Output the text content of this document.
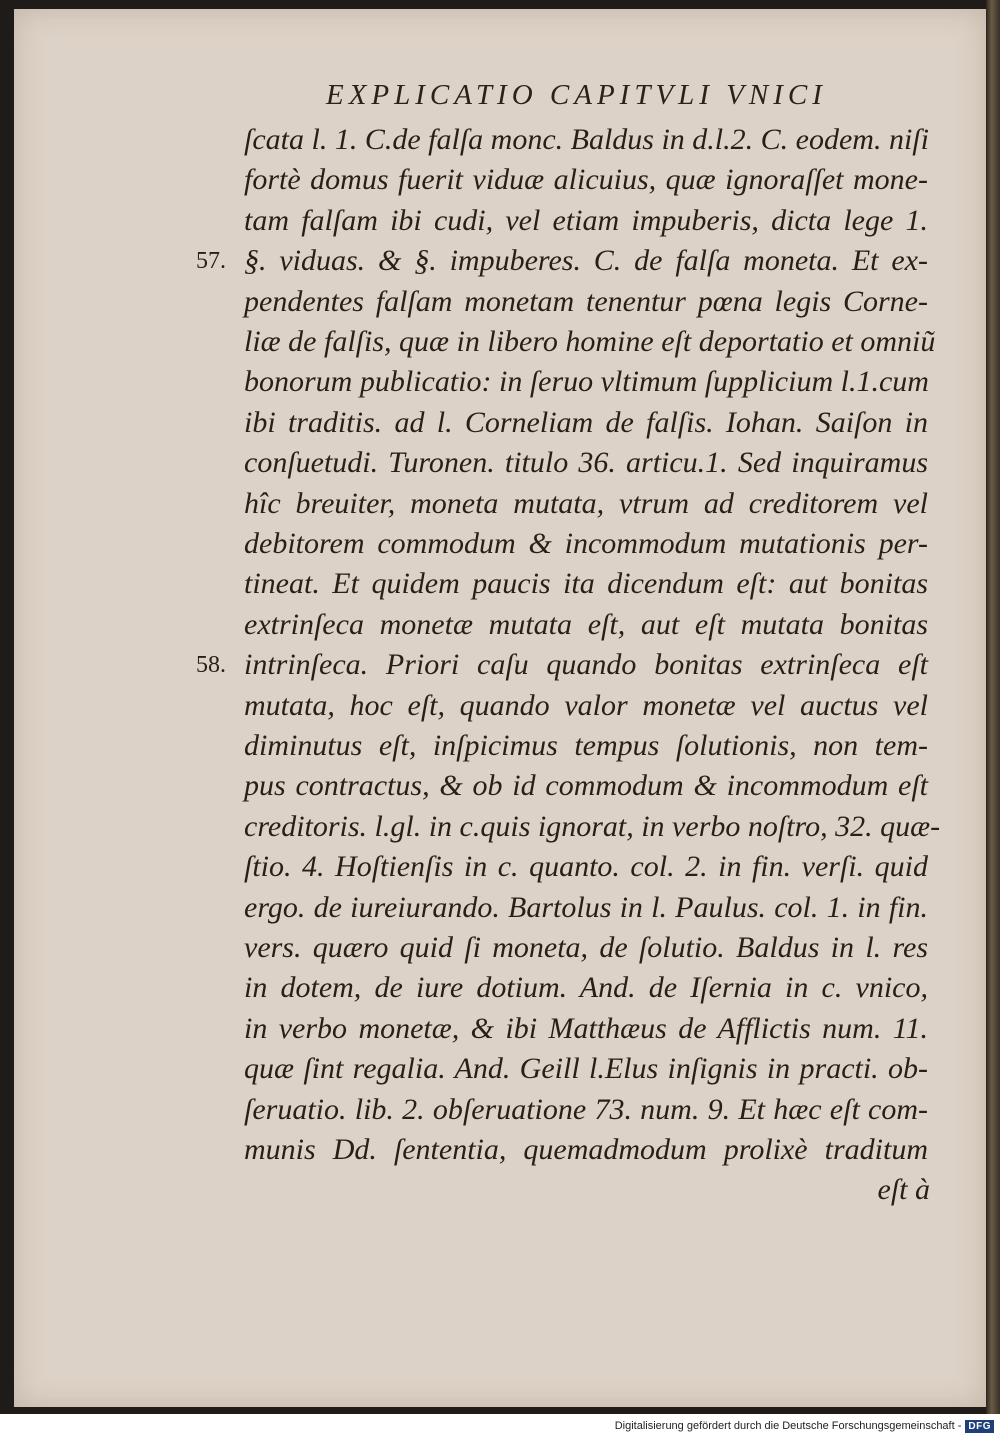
EXPLICATIO CAPITVLI VNICI
ſcata l. 1. C.de falſa monc. Baldus in d.l.2. C. eodem. niſi
fortè domus fuerit viduæ alicuius, quæ ignoraſſet mone-
tam falſam ibi cudi, vel etiam impuberis, dicta lege 1.
§. viduas. & §. impuberes. C. de falſa moneta. Et ex-
pendentes falſam monetam tenentur pœna legis Corne-
liæ de falſis, quæ in libero homine eſt deportatio et omniũ
bonorum publicatio: in ſeruo vltimum ſupplicium l.1.cum
ibi traditis. ad l. Corneliam de falſis. Iohan. Saiſon in
conſuetudi. Turonen. titulo 36. articu.1. Sed inquiramus
hîc breuiter, moneta mutata, vtrum ad creditorem vel
debitorem commodum & incommodum mutationis per-
tineat. Et quidem paucis ita dicendum eſt: aut bonitas
extrinſeca monetæ mutata eſt, aut eſt mutata bonitas
intrinſeca. Priori caſu quando bonitas extrinſeca eſt
mutata, hoc eſt, quando valor monetæ vel auctus vel
diminutus eſt, inſpicimus tempus ſolutionis, non tem-
pus contractus, & ob id commodum & incommodum eſt
creditoris. l.gl. in c.quis ignorat, in verbo noſtro, 32. quæ-
ſtio. 4. Hoſtienſis in c. quanto. col. 2. in fin. verſi. quid
ergo. de iureiurando. Bartolus in l. Paulus. col. 1. in fin.
vers. quæro quid ſi moneta, de ſolutio. Baldus in l. res
in dotem, de iure dotium. And. de Iſernia in c. vnico,
in verbo monetæ, & ibi Matthæus de Afflictis num. 11.
quæ ſint regalia. And. Geill l.Elus inſignis in practi. ob-
ſeruatio. lib. 2. obſeruatione 73. num. 9. Et hæc eſt com-
munis Dd. ſententia, quemadmodum prolixè traditum
eſt à
57.
58.
Digitalisierung gefördert durch die Deutsche Forschungsgemeinschaft - DFG
